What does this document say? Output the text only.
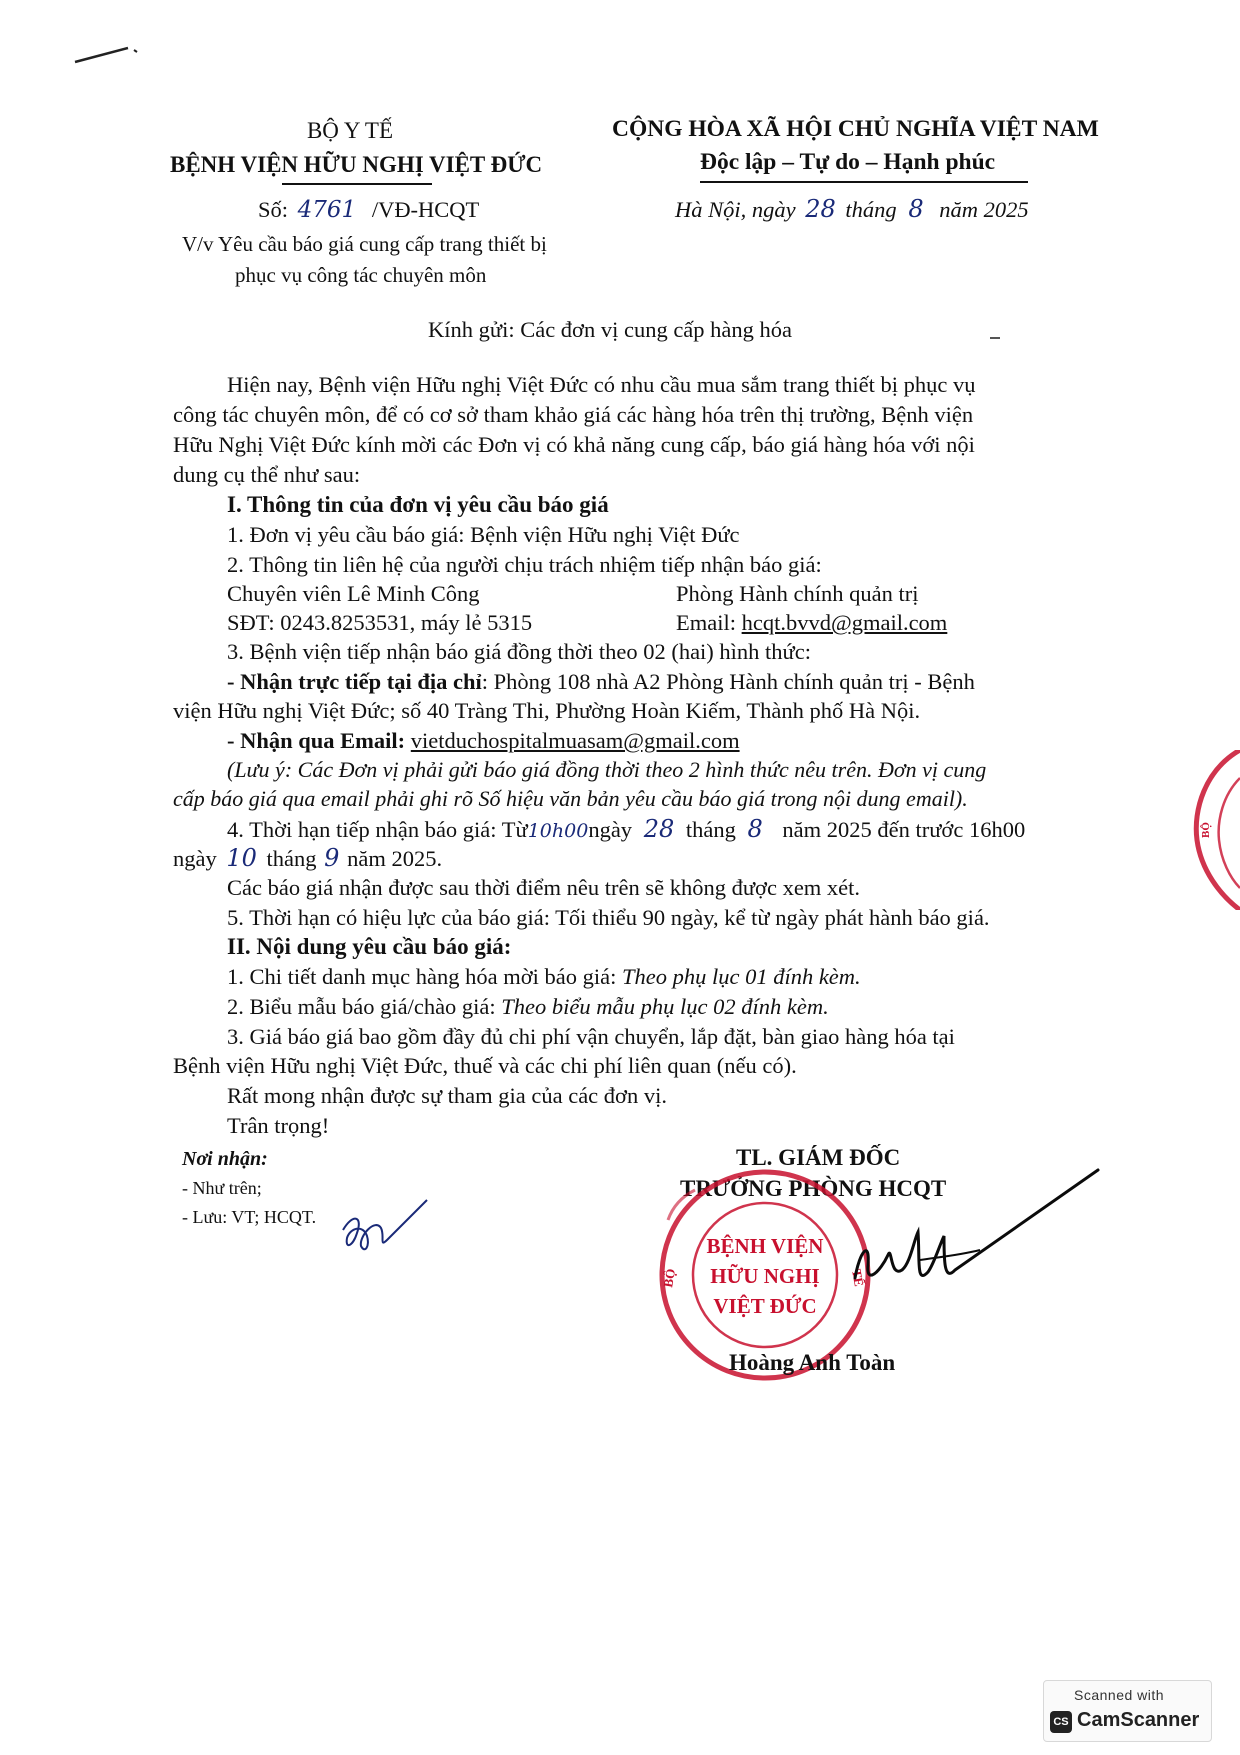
BỘ Y TẾ
BỆNH VIỆN HỮU NGHỊ VIỆT ĐỨC
Số: 4761 /VĐ-HCQT
V/v Yêu cầu báo giá cung cấp trang thiết bị
phục vụ công tác chuyên môn
CỘNG HÒA XÃ HỘI CHỦ NGHĨA VIỆT NAM
Độc lập – Tự do – Hạnh phúc
Hà Nội, ngày 28 tháng 8 năm 2025
Kính gửi: Các đơn vị cung cấp hàng hóa
Hiện nay, Bệnh viện Hữu nghị Việt Đức có nhu cầu mua sắm trang thiết bị phục vụ
công tác chuyên môn, để có cơ sở tham khảo giá các hàng hóa trên thị trường, Bệnh viện
Hữu Nghị Việt Đức kính mời các Đơn vị có khả năng cung cấp, báo giá hàng hóa với nội
dung cụ thể như sau:
I. Thông tin của đơn vị yêu cầu báo giá
1. Đơn vị yêu cầu báo giá: Bệnh viện Hữu nghị Việt Đức
2. Thông tin liên hệ của người chịu trách nhiệm tiếp nhận báo giá:
Chuyên viên Lê Minh Công	Phòng Hành chính quản trị
SĐT: 0243.8253531, máy lẻ 5315	Email: hcqt.bvvd@gmail.com
3. Bệnh viện tiếp nhận báo giá đồng thời theo 02 (hai) hình thức:
- Nhận trực tiếp tại địa chỉ: Phòng 108 nhà A2 Phòng Hành chính quản trị - Bệnh
viện Hữu nghị Việt Đức; số 40 Tràng Thi, Phường Hoàn Kiếm, Thành phố Hà Nội.
- Nhận qua Email: vietduchospitalmuasam@gmail.com
(Lưu ý: Các Đơn vị phải gửi báo giá đồng thời theo 2 hình thức nêu trên. Đơn vị cung
cấp báo giá qua email phải ghi rõ Số hiệu văn bản yêu cầu báo giá trong nội dung email).
4. Thời hạn tiếp nhận báo giá: Từ10h00ngày 28 tháng 8 năm 2025 đến trước 16h00
ngày 10 tháng 9 năm 2025.
Các báo giá nhận được sau thời điểm nêu trên sẽ không được xem xét.
5. Thời hạn có hiệu lực của báo giá: Tối thiểu 90 ngày, kể từ ngày phát hành báo giá.
II. Nội dung yêu cầu báo giá:
1. Chi tiết danh mục hàng hóa mời báo giá: Theo phụ lục 01 đính kèm.
2. Biểu mẫu báo giá/chào giá: Theo biểu mẫu phụ lục 02 đính kèm.
3. Giá báo giá bao gồm đầy đủ chi phí vận chuyển, lắp đặt, bàn giao hàng hóa tại
Bệnh viện Hữu nghị Việt Đức, thuế và các chi phí liên quan (nếu có).
Rất mong nhận được sự tham gia của các đơn vị.
Trân trọng!
Nơi nhận:
- Như trên;
- Lưu: VT; HCQT.
TL. GIÁM ĐỐC
TRƯỞNG PHÒNG HCQT
BỆNH VIỆN
HỮU NGHỊ
VIỆT ĐỨC
BỘ	TẾ
Hoàng Anh Toàn
BỘ
Scanned with
CS CamScanner
